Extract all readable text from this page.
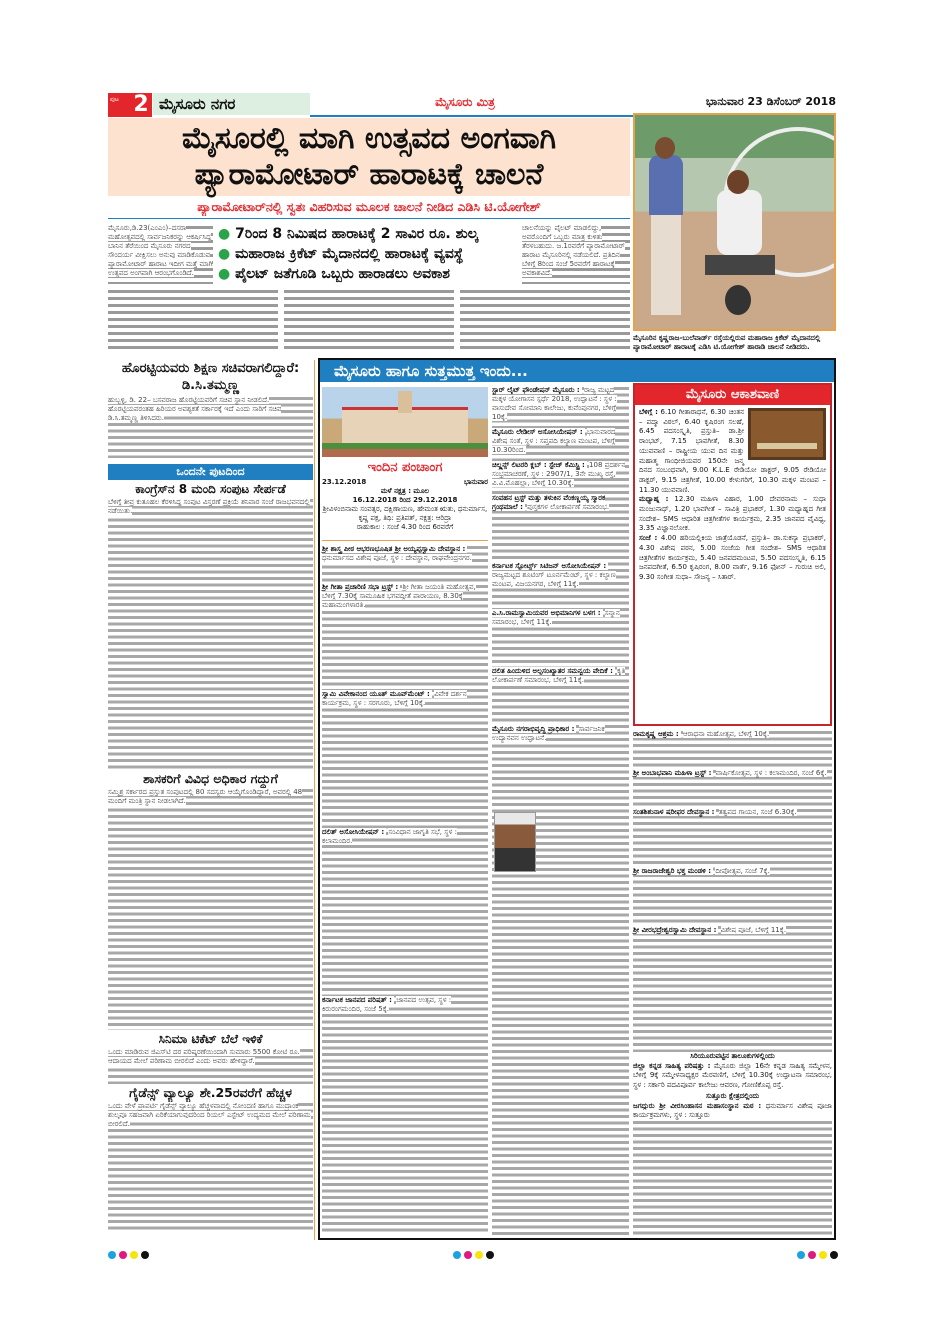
ಪುಟ 2 ಮೈಸೂರು ನಗರ	ಮೈಸೂರು ಮಿತ್ರ	ಭಾನುವಾರ 23 ಡಿಸೆಂಬರ್ 2018
ಮೈಸೂರಲ್ಲಿ ಮಾಗಿ ಉತ್ಸವದ ಅಂಗವಾಗಿ
ಪ್ಯಾರಾಮೋಟಾರ್ ಹಾರಾಟಕ್ಕೆ ಚಾಲನೆ
ಪ್ಯಾರಾಮೋಟಾರ್‌ನಲ್ಲಿ ಸ್ವತಃ ವಿಹರಿಸುವ ಮೂಲಕ ಚಾಲನೆ ನೀಡಿದ ಎಡಿಸಿ ಟಿ.ಯೋಗೇಶ್
ಮೈಸೂರಿನ ಕೃಷ್ಣರಾಜ-ಬುಲೆವಾರ್ಡ್ ರಸ್ತೆಯಲ್ಲಿರುವ ಮಹಾರಾಜ ಕ್ರಿಕೆಟ್ ಮೈದಾನದಲ್ಲಿ ಪ್ಯಾರಾಮೋಟಾರ್ ಹಾರಾಟಕ್ಕೆ ಎಡಿಸಿ ಟಿ.ಯೋಗೇಶ್ ಹಾರಾಡಿ ಚಾಲನೆ ನೀಡಿದರು.
ಮೈಸೂರು,ಡಿ.23(ಎಂಎಂ)–ದಸರಾ ಮಹೋತ್ಸವದಲ್ಲಿ ಸಾರ್ವಜನಿಕರನ್ನು ಆಕರ್ಷಿಸಿದ್ದ ಬಾನಿನ ತೆರೆಯಿಂದ ಮೈಸೂರು ನಗರದ ಸೌಂದರ್ಯ ವೀಕ್ಷಿಸಲು ಅನುವು ಮಾಡಿಕೊಡುವ ಪ್ಯಾರಾಮೋಟಾರ್ ಹಾರಾಟ ಇದೀಗ ಮತ್ತೆ ಮಾಗಿ ಉತ್ಸವದ ಅಂಗವಾಗಿ ಆರಂಭಗೊಂಡಿದೆ.
● 7ರಿಂದ 8 ನಿಮಿಷದ ಹಾರಾಟಕ್ಕೆ 2 ಸಾವಿರ ರೂ. ಶುಲ್ಕ
● ಮಹಾರಾಜ ಕ್ರಿಕೆಟ್ ಮೈದಾನದಲ್ಲಿ ಹಾರಾಟಕ್ಕೆ ವ್ಯವಸ್ಥೆ
● ಪೈಲಟ್ ಜತೆಗೂಡಿ ಒಬ್ಬರು ಹಾರಾಡಲು ಅವಕಾಶ
ಚಾಲನೆಯನ್ನು ಪೈಲಟ್ ಮಾಡಲಿದ್ದು, ಅವರೊಂದಿಗೆ ಒಬ್ಬರು ಮಾತ್ರ ಕುಳಿತು ತೆರಳಬಹುದು. ಜ.1ರವರೆಗೆ ಪ್ಯಾರಾಮೋಟಾರ್ ಹಾರಾಟ ಮೈಸೂರಿನಲ್ಲಿ ನಡೆಯಲಿದೆ. ಪ್ರತಿದಿನ ಬೆಳಿಗ್ಗೆ 8ರಿಂದ ಸಂಜೆ 5ರವರೆಗೆ ಹಾರಾಟಕ್ಕೆ ಅವಕಾಶವಿದೆ.
ಹೊರಟ್ಟಿಯವರು ಶಿಕ್ಷಣ ಸಚಿವರಾಗಲಿದ್ದಾರೆ: ಡಿ.ಸಿ.ತಮ್ಮಣ್ಣ
ಹುಬ್ಬಳ್ಳಿ, ಡಿ. 22– ಬಸವರಾಜ ಹೊರಟ್ಟಿಯವರಿಗೆ ಸಚಿವ ಸ್ಥಾನ ನೀಡಲಿದೆ. ಹೊರಟ್ಟಿಯವರಂತಹ ಹಿರಿಯರ ಅವಶ್ಯಕತೆ ಸರ್ಕಾರಕ್ಕೆ ಇದೆ ಎಂದು ಸಾರಿಗೆ ಸಚಿವ ಡಿ.ಸಿ.ತಮ್ಮಣ್ಣ ತಿಳಿಸಿದರು.
ಒಂದನೇ ಪುಟದಿಂದ
ಕಾಂಗ್ರೆಸ್‌ನ 8 ಮಂದಿ ಸಂಪುಟ ಸೇರ್ಪಡೆ
ಬೆಳಿಗ್ಗೆ ತೀವ್ರ ಕುತೂಹಲ ಕೆರಳಿಸಿದ್ದ ಸಂಪುಟ ವಿಸ್ತರಣೆ ಪ್ರಕ್ರಿಯೆ ಶನಿವಾರ ಸಂಜೆ ರಾಜಭವನದಲ್ಲಿ ನಡೆಯಿತು.
ಶಾಸಕರಿಗೆ ವಿವಿಧ ಅಧಿಕಾರ ಗದ್ದುಗೆ
ಸಮ್ಮಿಶ್ರ ಸರ್ಕಾರದ ಪ್ರಸ್ತುತ ಸಂಪುಟದಲ್ಲಿ 80 ಸದಸ್ಯರು ಆಯ್ಕೆಗೊಂಡಿದ್ದಾರೆ, ಅವರಲ್ಲಿ 48 ಮಂದಿಗೆ ಮಂತ್ರಿ ಸ್ಥಾನ ನೀಡಲಾಗಿದೆ.
ಸಿನಿಮಾ ಟಿಕೆಟ್ ಬೆಲೆ ಇಳಿಕೆ
ಒಂದು ಮಾಡಿರುವ ಜಿಎಸ್‌ಟಿ ದರ ಪರಿಷ್ಕರಣೆಯಿಂದಾಗಿ ಸುಮಾರು 5500 ಕೋಟಿ ರೂ. ಆದಾಯದ ಮೇಲೆ ಪರಿಣಾಮ ಬೀರಲಿದೆ ಎಂದು ಅವರು ಹೇಳಿದ್ದಾರೆ.
ಗೈಡೆನ್ಸ್ ವ್ಯಾಲ್ಯೂ ಶೇ.25ರವರೆಗೆ ಹೆಚ್ಚಳ
ಒಂದು ವೇಳೆ ಪ್ರಾಪರ್ಟಿ ಗೈಡೆನ್ಸ್ ವ್ಯಾಲ್ಯೂ ಹೆಚ್ಚಳವಾದಲ್ಲಿ ನೋಂದಣಿ ಹಾಗೂ ಮುದ್ರಾಂಕ ಶುಲ್ಕವೂ ಸಹಜವಾಗಿ ಏರಿಕೆಯಾಗುವುದರಿಂದ ರಿಯಲ್ ಎಸ್ಟೇಟ್ ಉದ್ಯಮದ ಮೇಲೆ ಪರಿಣಾಮ ಬೀರಲಿದೆ.
ಮೈಸೂರು ಹಾಗೂ ಸುತ್ತಮುತ್ತ ಇಂದು...
ಇಂದಿನ ಪಂಚಾಂಗ
23.12.2018	ಭಾನುವಾರ
ಮಳೆ ನಕ್ಷತ್ರ : ಮೂಲ
16.12.2018 ರಿಂದ 29.12.2018
ಶ್ರೀವಿಳಂಬಿನಾಮ ಸಂವತ್ಸರ, ದಕ್ಷಿಣಾಯಣ, ಹೇಮಂತ ಋತು, ಧನುರ್ಮಾಸ, ಕೃಷ್ಣ ಪಕ್ಷ, ತಿಥಿ: ಪ್ರತಿಪತ್, ನಕ್ಷತ್ರ: ಆರಿದ್ರಾ
ರಾಹುಕಾಲ : ಸಂಜೆ 4.30 ರಿಂದ 6ರವರೆಗೆ
ಶ್ರೀ ಶಾಸ್ತ್ರ ಪೀಠ ಆಭರಣಭೂಷಿತ ಶ್ರೀ ಅಯ್ಯಪ್ಪಸ್ವಾಮಿ ದೇವಸ್ಥಾನ : ಧನುರ್ಮಾಸದ ವಿಶೇಷ ಪೂಜೆ, ಸ್ಥಳ : ದೇವಸ್ಥಾನ, ರಾಘವೇಂದ್ರನಗರ.
ಶ್ರೀ ಗೀತಾ ಪ್ರಚಾರಿಣಿ ಸಭಾ ಟ್ರಸ್ಟ್ : ಶ್ರೀ ಗೀತಾ ಜಯಂತಿ ಮಹೋತ್ಸವ, ಬೆಳಿಗ್ಗೆ 7.30ಕ್ಕೆ ಸಾಮೂಹಿಕ ಭಗವದ್ಗೀತೆ ಪಾರಾಯಣ, 8.30ಕ್ಕೆ ಮಹಾಮಂಗಳಾರತಿ.
ಸ್ವಾಮಿ ವಿವೇಕಾನಂದ ಯೂತ್ ಮೂವ್‌ಮೆಂಟ್ : ವಿವೇಕ ದರ್ಶನ ಕಾರ್ಯಕ್ರಮ, ಸ್ಥಳ : ಸರಗೂರು, ಬೆಳಿಗ್ಗೆ 10ಕ್ಕೆ.
ದಲಿತ್ ಅಸೋಸಿಯೇಷನ್ : ಸಂವಿಧಾನ ಜಾಗೃತಿ ಸಭೆ, ಸ್ಥಳ : ಕಲಾಮಂದಿರ.
ಕರ್ನಾಟಕ ಜಾನಪದ ಪರಿಷತ್ : ಜಾನಪದ ಉತ್ಸವ, ಸ್ಥಳ : ಕಿರುರಂಗಮಂದಿರ, ಸಂಜೆ 5ಕ್ಕೆ.
ಸ್ಟಾರ್ ಲೈಟ್ ಫೌಂಡೇಷನ್ ಮೈಸೂರು : ರಾಜ್ಯ ಮಟ್ಟದ ಮಕ್ಕಳ ಯೋಗಾಸನ ಸ್ಪರ್ಧೆ 2018, ಉದ್ಘಾಟನೆ : ಸ್ಥಳ : ವಾಸುದೇವ ಸೋಮಾನಿ ಕಾಲೇಜು, ಕುವೆಂಪುನಗರ, ಬೆಳಿಗ್ಗೆ 10ಕ್ಕೆ.
ಮೈಸೂರು ಲೇಡೀಸ್ ಅಸೋಸಿಯೇಷನ್ : ಭಾನುವಾರದ ವಿಶೇಷ ಸಂತೆ, ಸ್ಥಳ : ಸಪ್ತಪದಿ ಕಲ್ಯಾಣ ಮಂಟಪ, ಬೆಳಿಗ್ಗೆ 10.30ರಿಂದ.
ಚಿಲ್ಡ್ರನ್ಸ್ ಲಿಟರರಿ ಕ್ಲಬ್ : ಸ್ಟೇಜ್ ಕೆಮಿಸ್ಟ್ರಿ : 108 ಪ್ರದರ್ಶನ ಸಂಭ್ರಮಾಚರಣೆ, ಸ್ಥಳ : 2907/1, 3ನೇ ಮುಖ್ಯ ರಸ್ತೆ, ವಿ.ವಿ.ಮೊಹಲ್ಲಾ, ಬೆಳಿಗ್ಗೆ 10.30ಕ್ಕೆ.
ಸಂವಹನ ಟ್ರಸ್ಟ್ ಮತ್ತು ತಳುಕಿನ ವೆಂಕಣ್ಣಯ್ಯ ಸ್ಮಾರಕ ಗ್ರಂಥಮಾಲೆ : ಪುಸ್ತಕಗಳ ಲೋಕಾರ್ಪಣೆ ಸಮಾರಂಭ.
ಕರ್ನಾಟಕ ಸ್ಪೋರ್ಟ್ಸ್ ಸಿಟಿಜನ್ ಅಸೋಸಿಯೇಷನ್ : ರಾಜ್ಯಮಟ್ಟದ ಶೂಟಿಂಗ್ ಟೂರ್ನಮೆಂಟ್, ಸ್ಥಳ : ಕಲ್ಯಾಣ ಮಂಟಪ, ವಿಜಯನಗರ, ಬೆಳಿಗ್ಗೆ 11ಕ್ಕೆ.
ಎ.ಸಿ.ರಾಮಸ್ವಾಮಿಯವರ ಅಭಿಮಾನಿಗಳ ಬಳಗ : ಸನ್ಮಾನ ಸಮಾರಂಭ, ಬೆಳಿಗ್ಗೆ 11ಕ್ಕೆ.
ದಲಿತ ಹಿಂದುಳಿದ ಅಲ್ಪಸಂಖ್ಯಾತರ ಸಮನ್ವಯ ವೇದಿಕೆ : ಕೃತಿ ಲೋಕಾರ್ಪಣೆ ಸಮಾರಂಭ, ಬೆಳಿಗ್ಗೆ 11ಕ್ಕೆ.
ಮೈಸೂರು ನಗರಾಭಿವೃದ್ಧಿ ಪ್ರಾಧಿಕಾರ : ಸಾರ್ವಜನಿಕ ಉದ್ಯಾನವನ ಉದ್ಘಾಟನೆ.
ಮೈಸೂರು ಆಕಾಶವಾಣಿ

ಬೆಳಿಗ್ಗೆ : 6.10 ಗೀತಾರಾಧನೆ, 6.30 ಚಿಂತನ – ಪದ್ಮಾ ವಿಠಲ್, 6.40 ಕೃಷಿರಂಗ ಸಲಹೆ, 6.45 ಪದಸಂಸ್ಕೃತಿ, ಪ್ರಸ್ತುತಿ– ಡಾ.ಶ್ರೀ ರಾಂಭಟ್, 7.15 ಭಾವಗೀತೆ, 8.30 ಯುವವಾಣಿ – ರಾಷ್ಟ್ರೀಯ ಯುವ ದಿನ ಮತ್ತು ಮಹಾತ್ಮ ಗಾಂಧೀಜಿಯವರ 150ನೇ ಜನ್ಮ ದಿನದ ಸಂಬಂಧವಾಗಿ, 9.00 K.L.E ರೇಡಿಯೋ ಡಾಕ್ಟರ್, 9.05 ರೇಡಿಯೋ ಡಾಕ್ಟರ್, 9.15 ಚಿತ್ರಗೀತೆ, 10.00 ಕೇಳುಗರಿಗೆ, 10.30 ಮಕ್ಕಳ ಮಂಟಪ – 11.30 ಯುವವಾಣಿ.

ಮಧ್ಯಾಹ್ನ : 12.30 ಮಹಿಳಾ ವಿಹಾರ, 1.00 ದೇವರನಾಮ – ಸುಧಾ ಮಂಜುನಾಥ್, 1.20 ಭಾವಗೀತೆ – ಸಾವಿತ್ರಿ ಪ್ರಭಾಕರ್, 1.30 ಮಧ್ಯಾಹ್ನದ ಗೀತ ಸಂದೇಶ– SMS ಆಧಾರಿತ ಚಿತ್ರಗೀತೆಗಳ ಕಾರ್ಯಕ್ರಮ, 2.35 ಜಾನಪದ ವೈವಿಧ್ಯ, 3.35 ವಿಜ್ಞಾನಲೋಕ.

ಸಂಜೆ : 4.00 ಹರಿಯಲ್ಲಿಕಿಯ ಜಾತ್ರೆಯೊಡನೆ, ಪ್ರಸ್ತುತಿ– ಡಾ.ಸುಕನ್ಯಾ ಪ್ರಭಾಕರ್, 4.30 ವಿಶೇಷ ಪಠನ, 5.00 ಸಂಜೆಯ ಗೀತ ಸಂದೇಶ– SMS ಆಧಾರಿತ ಚಿತ್ರಗೀತೆಗಳ ಕಾರ್ಯಕ್ರಮ, 5.40 ಜನಪದಮಂಟಪ, 5.50 ಪದಸಂಸ್ಕೃತಿ, 6.15 ಜನಪದಗೀತೆ, 6.50 ಕೃಷಿರಂಗ, 8.00 ವಾರ್ತೆ, 9.16 ಫೋನ್ – ಗುರುಚಿ ಅಲಿ, 9.30 ಸಂಗೀತ ಸುಧಾ– ಸೌಜನ್ಯ – ಸಿತಾರ್.

ರಾಮಕೃಷ್ಣ ಆಶ್ರಮ : ಆರಾಧನಾ ಮಹೋತ್ಸವ, ಬೆಳಿಗ್ಗೆ 10ಕ್ಕೆ.
ಶ್ರೀ ಅಂಬಾಭವಾನಿ ಮಹಿಳಾ ಟ್ರಸ್ಟ್ : ವಾರ್ಷಿಕೋತ್ಸವ, ಸ್ಥಳ : ಕಲಾಮಂದಿರ, ಸಂಜೆ 6ಕ್ಕೆ.
ಸಂತಶಿಶುನಾಳ ಷರೀಫರ ದೇವಸ್ಥಾನ : ತತ್ವಪದ ಗಾಯನ, ಸಂಜೆ 6.30ಕ್ಕೆ.
ಶ್ರೀ ರಾಜರಾಜೇಶ್ವರಿ ಭಕ್ತ ಮಂಡಳಿ : ದೀಪೋತ್ಸವ, ಸಂಜೆ 7ಕ್ಕೆ.
ಶ್ರೀ ವೀರಭದ್ರೇಶ್ವರಸ್ವಾಮಿ ದೇವಸ್ಥಾನ : ವಿಶೇಷ ಪೂಜೆ, ಬೆಳಿಗ್ಗೆ 11ಕ್ಕೆ.
ಸಿರಿಯೂರುವಟ್ಟಿನ ತಾಲೂಕುಗಳಲ್ಲಿಂದು

ಜಿಲ್ಲಾ ಕನ್ನಡ ಸಾಹಿತ್ಯ ಪರಿಷತ್ತು : ಮೈಸೂರು ಜಿಲ್ಲಾ 16ನೇ ಕನ್ನಡ ಸಾಹಿತ್ಯ ಸಮ್ಮೇಳನ, ಬೆಳಿಗ್ಗೆ 9ಕ್ಕೆ ಸಮ್ಮೇಳನಾಧ್ಯಕ್ಷರ ಮೆರವಣಿಗೆ, ಬೆಳಿಗ್ಗೆ 10.30ಕ್ಕೆ ಉದ್ಘಾಟನಾ ಸಮಾರಂಭ, ಸ್ಥಳ : ಸರ್ಕಾರಿ ಪದವಿಪೂರ್ವ ಕಾಲೇಜು ಆವರಣ, ಗೋಣಿಕೊಪ್ಪ ರಸ್ತೆ.

ಸುತ್ತೂರು ಕ್ಷೇತ್ರದಲ್ಲಿಂದು

ಜಗದ್ಗುರು ಶ್ರೀ ವೀರಸಿಂಹಾಸನ ಮಹಾಸಂಸ್ಥಾನ ಮಠ : ಧನುರ್ಮಾಸ ವಿಶೇಷ ಪೂಜಾ ಕಾರ್ಯಕ್ರಮಗಳು, ಸ್ಥಳ : ಸುತ್ತೂರು
